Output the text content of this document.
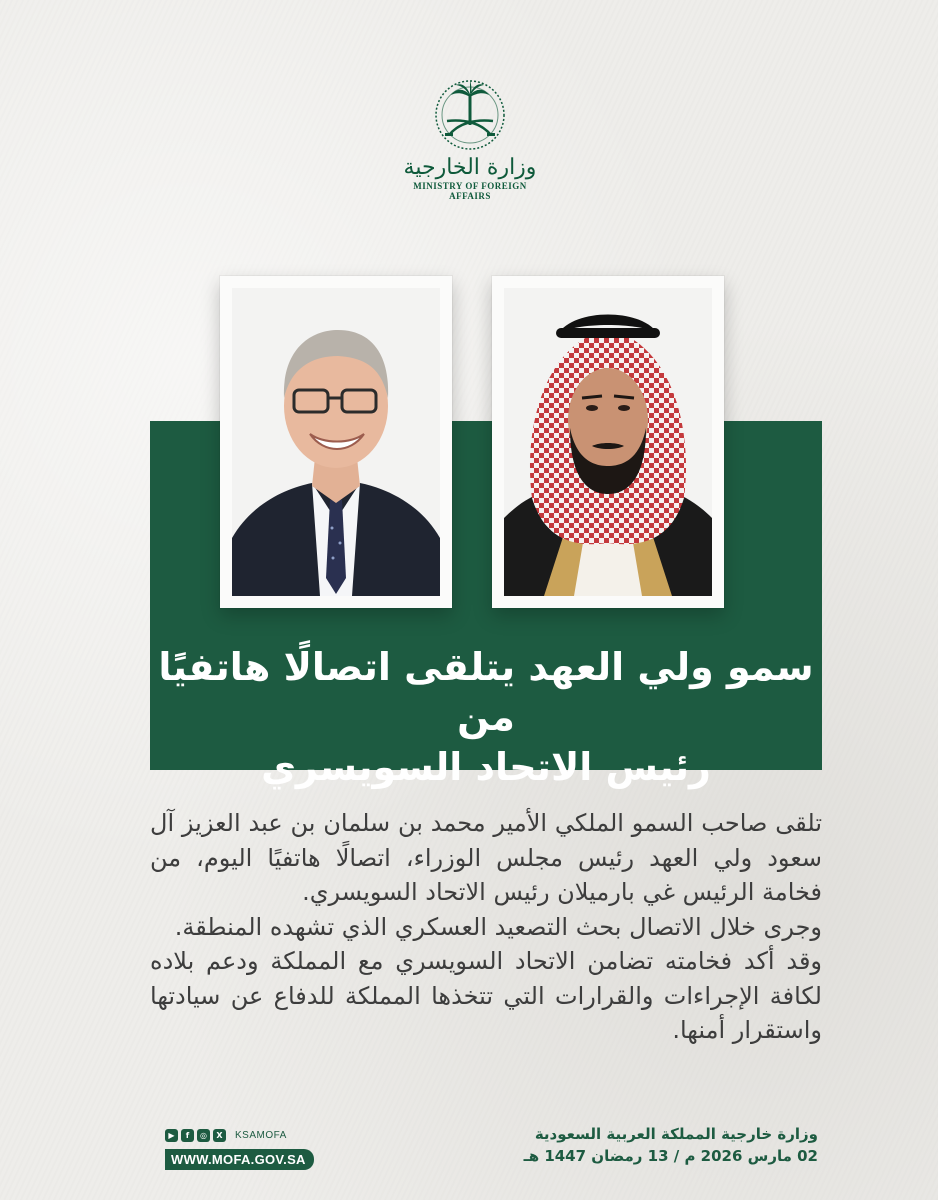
وزارة الخارجية
MINISTRY OF FOREIGN AFFAIRS
سمو ولي العهد يتلقى اتصالًا هاتفيًا من
رئيس الاتحاد السويسري

تلقى صاحب السمو الملكي الأمير محمد بن سلمان بن عبد العزيز آل سعود ولي العهد رئيس مجلس الوزراء، اتصالًا هاتفيًا اليوم، من فخامة الرئيس غي بارميلان رئيس الاتحاد السويسري.

وجرى خلال الاتصال بحث التصعيد العسكري الذي تشهده المنطقة.

وقد أكد فخامته تضامن الاتحاد السويسري مع المملكة ودعم بلاده لكافة الإجراءات والقرارات التي تتخذها المملكة للدفاع عن سيادتها واستقرار أمنها.

▶	f	◎	X	KSAMOFA
WWW.MOFA.GOV.SA
وزارة خارجية المملكة العربية السعودية
02 مارس 2026 م / 13 رمضان 1447 هـ
